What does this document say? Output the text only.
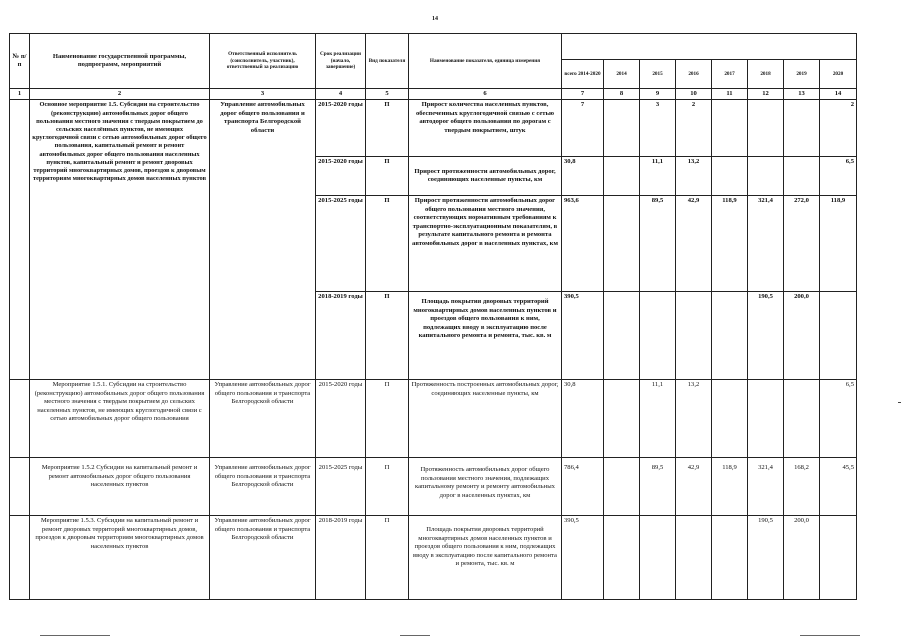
14
№ п/п	Наименование государственной программы, подпрограмм, мероприятий	Ответственный исполнитель (соисполнитель, участник), ответственный за реализацию	Срок реализации (начало, завершение)	Вид показателя	Наименование показателя, единица измерения								
						всего 2014-2020	2014	2015	2016	2017	2018	2019	2020
1	2	3	4	5	6	7	8	9	10	11	12	13	14
	Основное мероприятие 1.5. Субсидии на строительство (реконструкцию) автомобильных дорог общего пользования местного значения с твердым покрытием до сельских населённых пунктов, не имеющих круглогодичной связи с сетью автомобильных дорог общего пользования, капитальный ремонт и ремонт автомобильных дорог общего пользования населенных пунктов, капитальный ремонт и ремонт дворовых территорий многоквартирных домов, проездов к дворовым территориям многоквартирных домов населенных пунктов	Управление автомобильных дорог общего пользования и транспорта Белгородской области	2015-2020 годы	П	Прирост количества населенных пунктов, обеспеченных круглогодичной связью с сетью автодорог общего пользования по дорогам с твердым покрытием, штук	7		3	2				2
			2015-2020 годы	П	Прирост протяженности автомобильных дорог, соединяющих населенные пункты, км	30,8		11,1	13,2				6,5
			2015-2025 годы	П	Прирост протяженности автомобильных дорог общего пользования местного значения, соответствующих нормативным требованиям к транспортно-эксплуатационным показателям, в результате капитального ремонта и ремонта автомобильных дорог в населенных пунктах, км	963,6		89,5	42,9	118,9	321,4	272,0	118,9
			2018-2019 годы	П	Площадь покрытия дворовых территорий многоквартирных домов населенных пунктов и проездов общего пользования к ним, подлежащих вводу в эксплуатацию после капитального ремонта и ремонта, тыс. кв. м	390,5					190,5	200,0	
	Мероприятие 1.5.1. Субсидии на строительство (реконструкцию) автомобильных дорог общего пользования местного значения с твердым покрытием до сельских населенных пунктов, не имеющих круглогодичной связи с сетью автомобильных дорог общего пользования	Управление автомобильных дорог общего пользования и транспорта Белгородской области	2015-2020 годы	П	Протяженность построенных автомобильных дорог, соединяющих населенные пункты, км	30,8		11,1	13,2				6,5
	Мероприятие 1.5.2 Субсидии на капитальный ремонт и ремонт автомобильных дорог общего пользования населенных пунктов	Управление автомобильных дорог общего пользования и транспорта Белгородской области	2015-2025 годы	П	Протяженность автомобильных дорог общего пользования местного значения, подлежащих капитальному ремонту и ремонту автомобильных дорог в населенных пунктах, км	786,4		89,5	42,9	118,9	321,4	168,2	45,5
	Мероприятие 1.5.3. Субсидии на капитальный ремонт и ремонт дворовых территорий многоквартирных домов, проездов к дворовым территориям многоквартирных домов населенных пунктов	Управление автомобильных дорог общего пользования и транспорта Белгородской области	2018-2019 годы	П	Площадь покрытия дворовых территорий многоквартирных домов населенных пунктов и проездов общего пользования к ним, подлежащих вводу в эксплуатацию после капитального ремонта и ремонта, тыс. кв. м	390,5					190,5	200,0	
